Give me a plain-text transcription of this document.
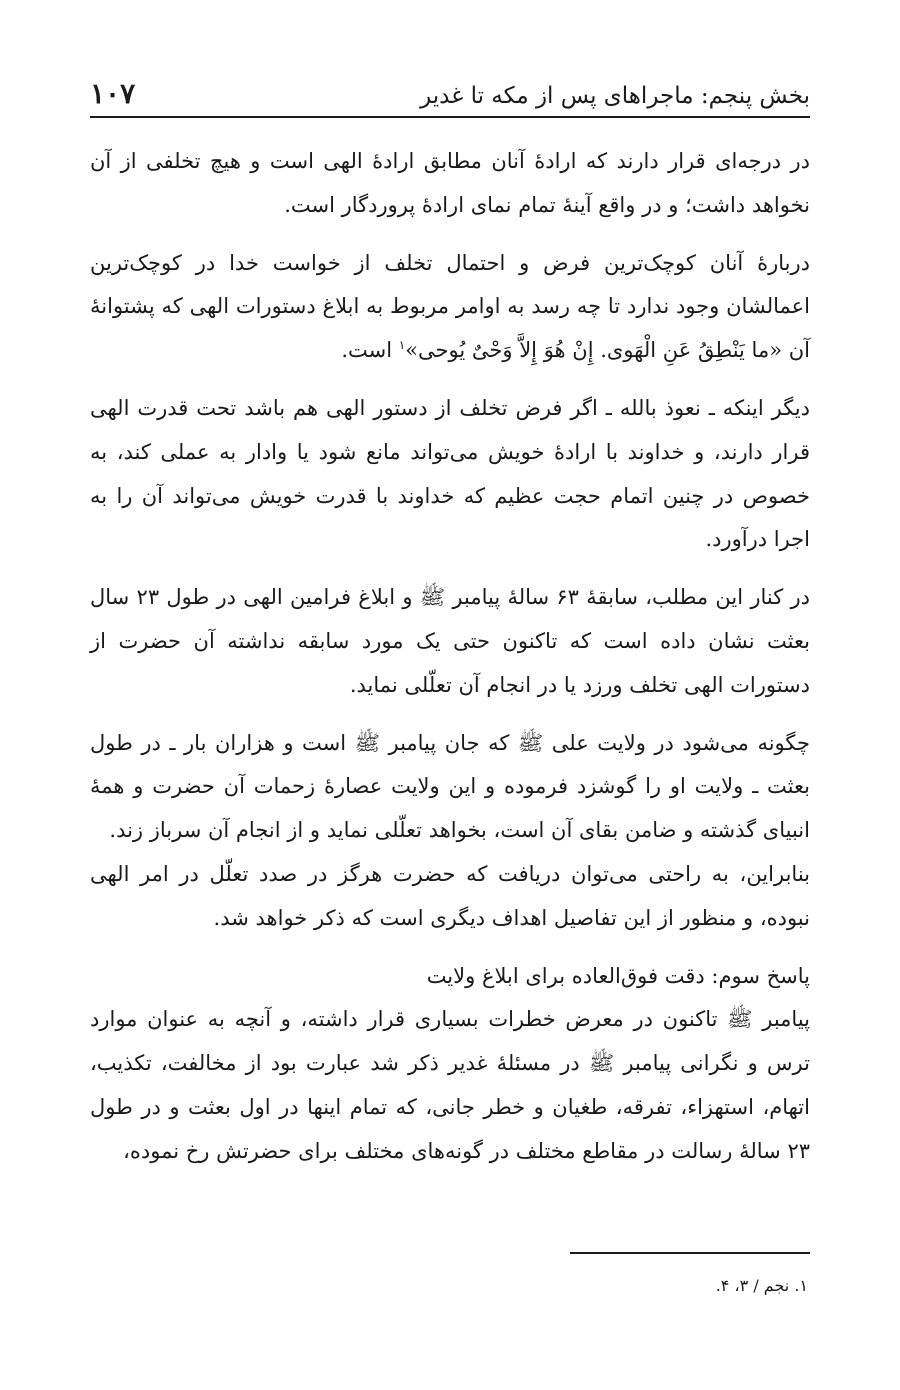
بخش پنجم: ماجراهای پس از مکه تا غدیر
۱۰۷

در درجه‌ای قرار دارند که ارادهٔ آنان مطابق ارادهٔ الهی است و هیچ تخلفی از آن نخواهد داشت؛ و در واقع آینهٔ تمام نمای ارادهٔ پروردگار است.

دربارهٔ آنان کوچک‌ترین فرض و احتمال تخلف از خواست خدا در کوچک‌ترین اعمالشان وجود ندارد تا چه رسد به اوامر مربوط به ابلاغ دستورات الهی که پشتوانهٔ آن «ما یَنْطِقُ عَنِ الْهَوی. إِنْ هُوَ إِلاَّ وَحْیٌ یُوحی»$^۱$ است.

دیگر اینکه ـ نعوذ بالله ـ اگر فرض تخلف از دستور الهی هم باشد تحت قدرت الهی قرار دارند، و خداوند با ارادهٔ خویش می‌تواند مانع شود یا وادار به عملی کند، به خصوص در چنین اتمام حجت عظیم که خداوند با قدرت خویش می‌تواند آن را به اجرا درآورد.

در کنار این مطلب، سابقهٔ ۶۳ سالهٔ پیامبر ﷺ و ابلاغ فرامین الهی در طول ۲۳ سال بعثت نشان داده است که تاکنون حتی یک مورد سابقه نداشته آن حضرت از دستورات الهی تخلف ورزد یا در انجام آن تعلّلی نماید.

چگونه می‌شود در ولایت علی ﷺ که جان پیامبر ﷺ است و هزاران بار ـ در طول بعثت ـ ولایت او را گوشزد فرموده و این ولایت عصارهٔ زحمات آن حضرت و همهٔ انبیای گذشته و ضامن بقای آن است، بخواهد تعلّلی نماید و از انجام آن سرباز زند.

بنابراین، به راحتی می‌توان دریافت که حضرت هرگز در صدد تعلّل در امر الهی نبوده، و منظور از این تفاصیل اهداف دیگری است که ذکر خواهد شد.

پاسخ سوم: دقت فوق‌العاده برای ابلاغ ولایت

پیامبر ﷺ تاکنون در معرض خطرات بسیاری قرار داشته، و آنچه به عنوان موارد ترس و نگرانی پیامبر ﷺ در مسئلهٔ غدیر ذکر شد عبارت بود از مخالفت، تکذیب، اتهام، استهزاء، تفرقه، طغیان و خطر جانی، که تمام اینها در اول بعثت و در طول ۲۳ سالهٔ رسالت در مقاطع مختلف در گونه‌های مختلف برای حضرتش رخ نموده،

۱. نجم / ۳، ۴.
